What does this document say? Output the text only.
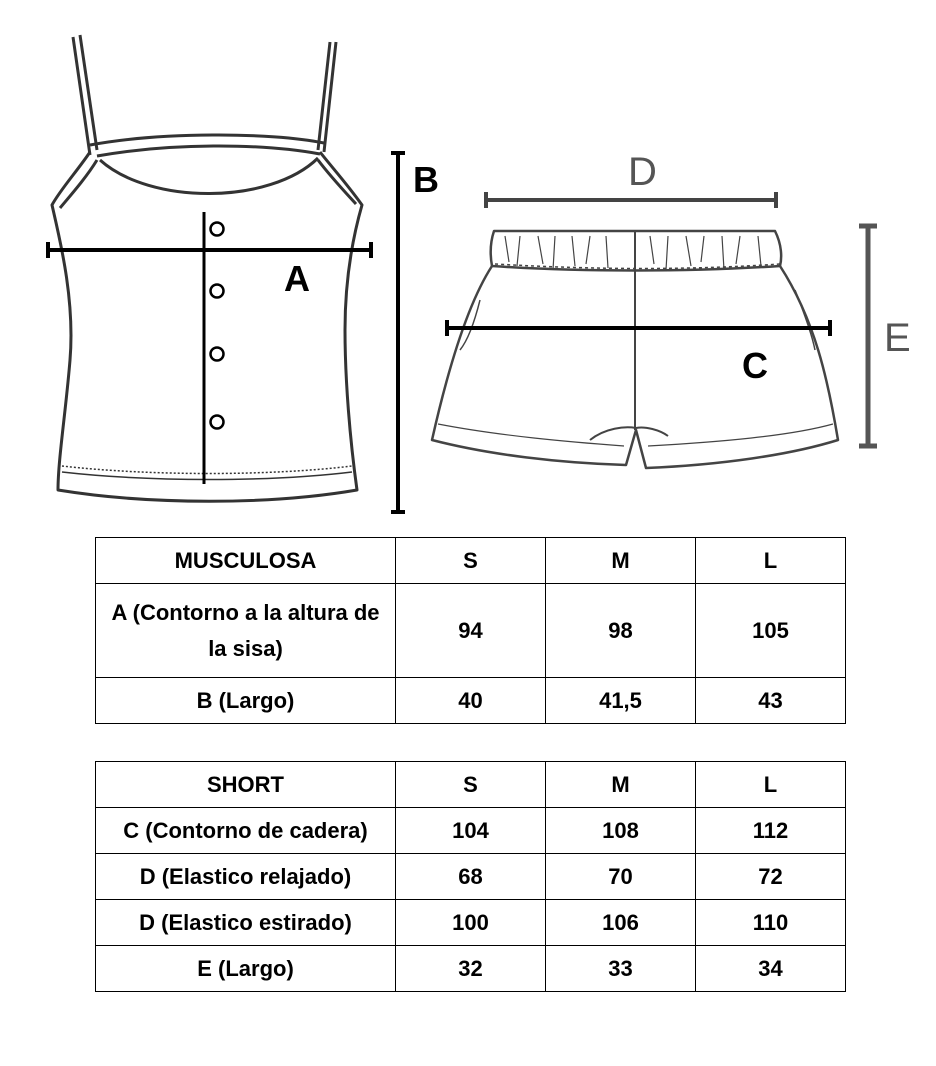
A
B
C
D
E
MUSCULOSA	S	M	L
A (Contorno a la altura de la sisa)	94	98	105
B (Largo)	40	41,5	43
SHORT	S	M	L
C (Contorno de cadera)	104	108	112
D (Elastico relajado)	68	70	72
D (Elastico estirado)	100	106	110
E (Largo)	32	33	34
